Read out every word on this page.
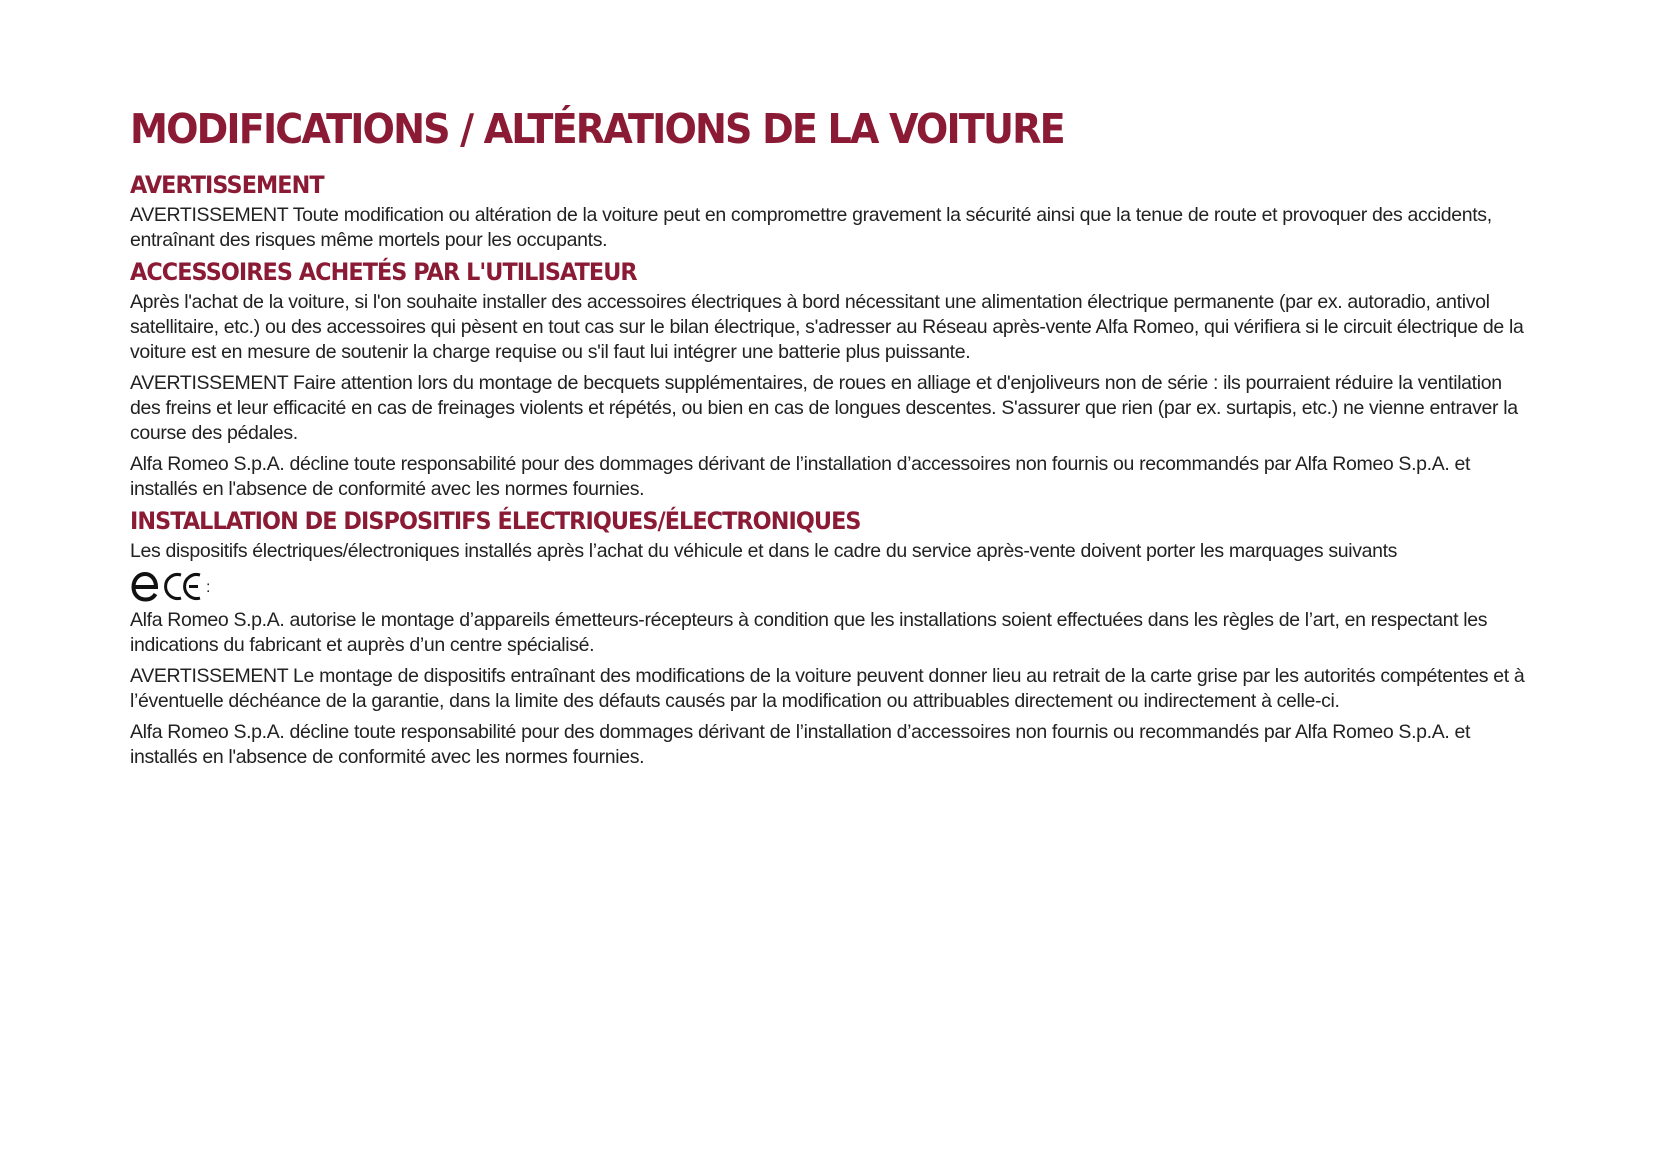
MODIFICATIONS / ALTÉRATIONS DE LA VOITURE
AVERTISSEMENT

AVERTISSEMENT Toute modification ou altération de la voiture peut en compromettre gravement la sécurité ainsi que la tenue de route et provoquer des accidents, entraînant des risques même mortels pour les occupants.

ACCESSOIRES ACHETÉS PAR L'UTILISATEUR

Après l'achat de la voiture, si l'on souhaite installer des accessoires électriques à bord nécessitant une alimentation électrique permanente (par ex. autoradio, antivol satellitaire, etc.) ou des accessoires qui pèsent en tout cas sur le bilan électrique, s'adresser au Réseau après-vente Alfa Romeo, qui vérifiera si le circuit électrique de la voiture est en mesure de soutenir la charge requise ou s'il faut lui intégrer une batterie plus puissante.

AVERTISSEMENT Faire attention lors du montage de becquets supplémentaires, de roues en alliage et d'enjoliveurs non de série : ils pourraient réduire la ventilation des freins et leur efficacité en cas de freinages violents et répétés, ou bien en cas de longues descentes. S'assurer que rien (par ex. surtapis, etc.) ne vienne entraver la course des pédales.

Alfa Romeo S.p.A. décline toute responsabilité pour des dommages dérivant de l’installation d’accessoires non fournis ou recommandés par Alfa Romeo S.p.A. et installés en l'absence de conformité avec les normes fournies.

INSTALLATION DE DISPOSITIFS ÉLECTRIQUES/ÉLECTRONIQUES

Les dispositifs électriques/électroniques installés après l’achat du véhicule et dans le cadre du service après-vente doivent porter les marquages suivants

:

Alfa Romeo S.p.A. autorise le montage d’appareils émetteurs-récepteurs à condition que les installations soient effectuées dans les règles de l’art, en respectant les indications du fabricant et auprès d’un centre spécialisé.

AVERTISSEMENT Le montage de dispositifs entraînant des modifications de la voiture peuvent donner lieu au retrait de la carte grise par les autorités compétentes et à l’éventuelle déchéance de la garantie, dans la limite des défauts causés par la modification ou attribuables directement ou indirectement à celle-ci.

Alfa Romeo S.p.A. décline toute responsabilité pour des dommages dérivant de l’installation d’accessoires non fournis ou recommandés par Alfa Romeo S.p.A. et installés en l'absence de conformité avec les normes fournies.
